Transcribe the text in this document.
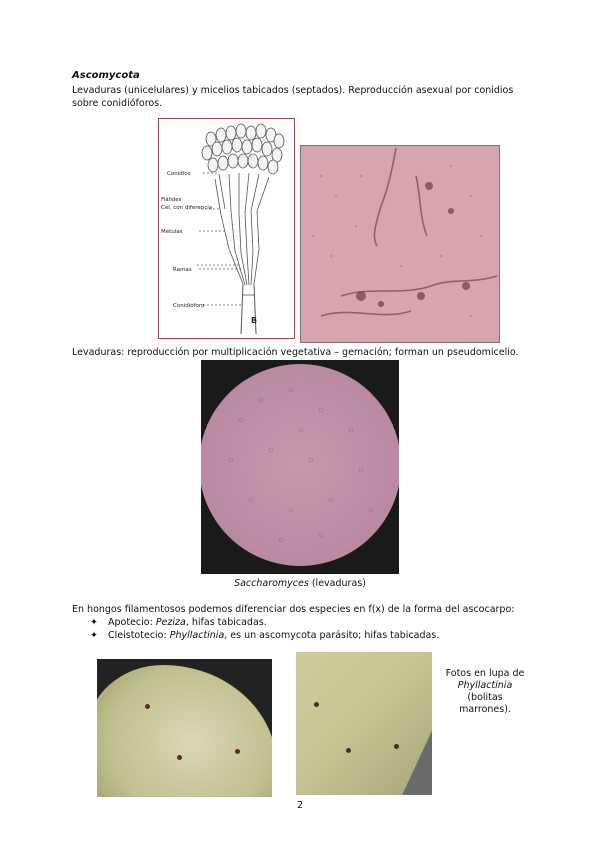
Ascomycota
Levaduras (unicelulares) y micelios tabicados (septados). Reproducción asexual por conidios sobre conidióforos.
Conidios
Fiálides
Cél. con diferencia
Métulas
Ramas
Conidióforo
B
Levaduras: reproducción por multiplicación vegetativa – gemación; forman un pseudomicelio.
Saccharomyces (levaduras)
En hongos filamentosos podemos diferenciar dos especies en f(x) de la forma del ascocarpo:
✦ Apotecio: Peziza, hifas tabicadas.
✦ Cleistotecio: Phyllactinia, es un ascomycota parásito; hifas tabicadas.
Fotos en lupa de
Phyllactinia
(bolitas
marrones).
2
